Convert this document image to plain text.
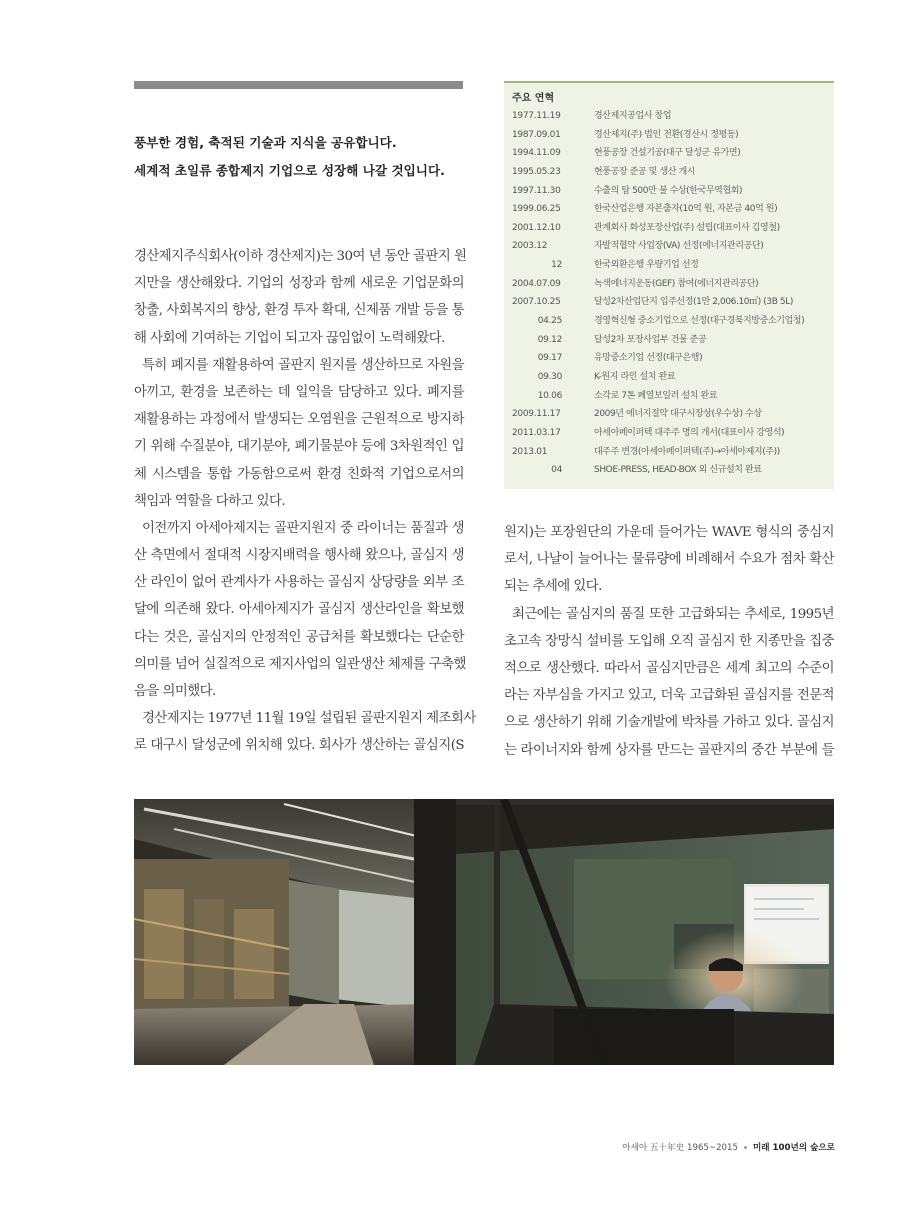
풍부한 경험, 축적된 기술과 지식을 공유합니다.
세계적 초일류 종합제지 기업으로 성장해 나갈 것입니다.
경산제지주식회사(이하 경산제지)는 30여 년 동안 골판지 원
지만을 생산해왔다. 기업의 성장과 함께 새로운 기업문화의
창출, 사회복지의 향상, 환경 투자 확대, 신제품 개발 등을 통
해 사회에 기여하는 기업이 되고자 끊임없이 노력해왔다.
특히 폐지를 재활용하여 골판지 원지를 생산하므로 자원을
아끼고, 환경을 보존하는 데 일익을 담당하고 있다. 폐지를
재활용하는 과정에서 발생되는 오염원을 근원적으로 방지하
기 위해 수질분야, 대기분야, 폐기물분야 등에 3차원적인 입
체 시스템을 통합 가동함으로써 환경 친화적 기업으로서의
책임과 역할을 다하고 있다.
이전까지 아세아제지는 골판지원지 중 라이너는 품질과 생
산 측면에서 절대적 시장지배력을 행사해 왔으나, 골심지 생
산 라인이 없어 관계사가 사용하는 골심지 상당량을 외부 조
달에 의존해 왔다. 아세아제지가 골심지 생산라인을 확보했
다는 것은, 골심지의 안정적인 공급처를 확보했다는 단순한
의미를 넘어 실질적으로 제지사업의 일관생산 체제를 구축했
음을 의미했다.
경산제지는 1977년 11월 19일 설립된 골판지원지 제조회사
로 대구시 달성군에 위치해 있다. 회사가 생산하는 골심지(S
주요 연혁
1977.11.19	경산제지공업사 창업
1987.09.01	경산제지(주) 법인 전환(경산시 정평동)
1994.11.09	현풍공장 건설기공(대구 달성군 유가면)
1995.05.23	현풍공장 준공 및 생산 개시
1997.11.30	수출의 탑 500만 불 수상(한국무역협회)
1999.06.25	한국산업은행 자본출자(10억 원, 자본금 40억 원)
2001.12.10	관계회사 화성포장산업(주) 설립(대표이사 김영철)
2003.12	자발적협약 사업장(VA) 선정(에너지관리공단)
12	한국외환은행 우량기업 선정
2004.07.09	녹색에너지운동(GEF) 참여(에너지관리공단)
2007.10.25	달성2차산업단지 입주선정(1만 2,006.10㎡) (3B 5L)
04.25	경영혁신형 중소기업으로 선정(대구경북지방중소기업청)
09.12	달성2차 포장사업부 건물 준공
09.17	유망중소기업 선정(대구은행)
09.30	K-원지 라인 설치 완료
10.06	소각로 7톤 폐열보일러 설치 완료
2009.11.17	2009년 에너지절약 대구시장상(우수상) 수상
2011.03.17	아세아페이퍼텍 대주주 명의 개서(대표이사 강영석)
2013.01	대주주 변경(아세아페이퍼텍(주)→아세아제지(주))
04	SHOE-PRESS, HEAD-BOX 외 신규설치 완료
원지)는 포장원단의 가운데 들어가는 WAVE 형식의 중심지
로서, 나날이 늘어나는 물류량에 비례해서 수요가 점차 확산
되는 추세에 있다.
최근에는 골심지의 품질 또한 고급화되는 추세로, 1995년
초고속 장망식 설비를 도입해 오직 골심지 한 지종만을 집중
적으로 생산했다. 따라서 골심지만큼은 세계 최고의 수준이
라는 자부심을 가지고 있고, 더욱 고급화된 골심지를 전문적
으로 생산하기 위해 기술개발에 박차를 가하고 있다. 골심지
는 라이너지와 함께 상자를 만드는 골판지의 중간 부분에 들
아세아 五十年史 1965~2015 미래 100년의 숲으로
